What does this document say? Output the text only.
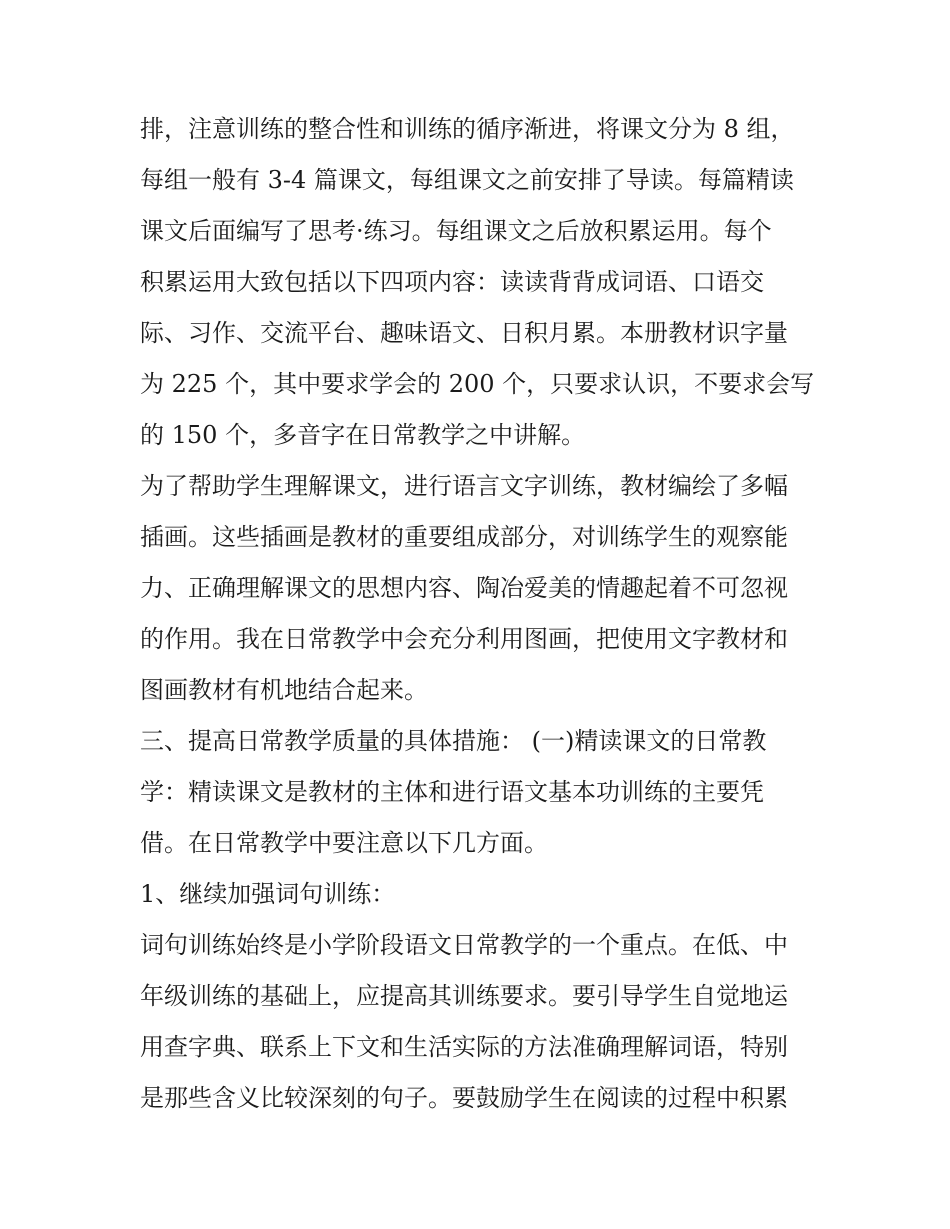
排，注意训练的整合性和训练的循序渐进，将课文分为 8 组，
每组一般有 3-4 篇课文，每组课文之前安排了导读。每篇精读
课文后面编写了思考·练习。每组课文之后放积累运用。每个
积累运用大致包括以下四项内容：读读背背成词语、口语交
际、习作、交流平台、趣味语文、日积月累。本册教材识字量
为 225 个，其中要求学会的 200 个，只要求认识，不要求会写
的 150 个，多音字在日常教学之中讲解。
为了帮助学生理解课文，进行语言文字训练，教材编绘了多幅
插画。这些插画是教材的重要组成部分，对训练学生的观察能
力、正确理解课文的思想内容、陶冶爱美的情趣起着不可忽视
的作用。我在日常教学中会充分利用图画，把使用文字教材和
图画教材有机地结合起来。
三、提高日常教学质量的具体措施： (一)精读课文的日常教
学：精读课文是教材的主体和进行语文基本功训练的主要凭
借。在日常教学中要注意以下几方面。
1、继续加强词句训练：
词句训练始终是小学阶段语文日常教学的一个重点。在低、中
年级训练的基础上，应提高其训练要求。要引导学生自觉地运
用查字典、联系上下文和生活实际的方法准确理解词语，特别
是那些含义比较深刻的句子。要鼓励学生在阅读的过程中积累
